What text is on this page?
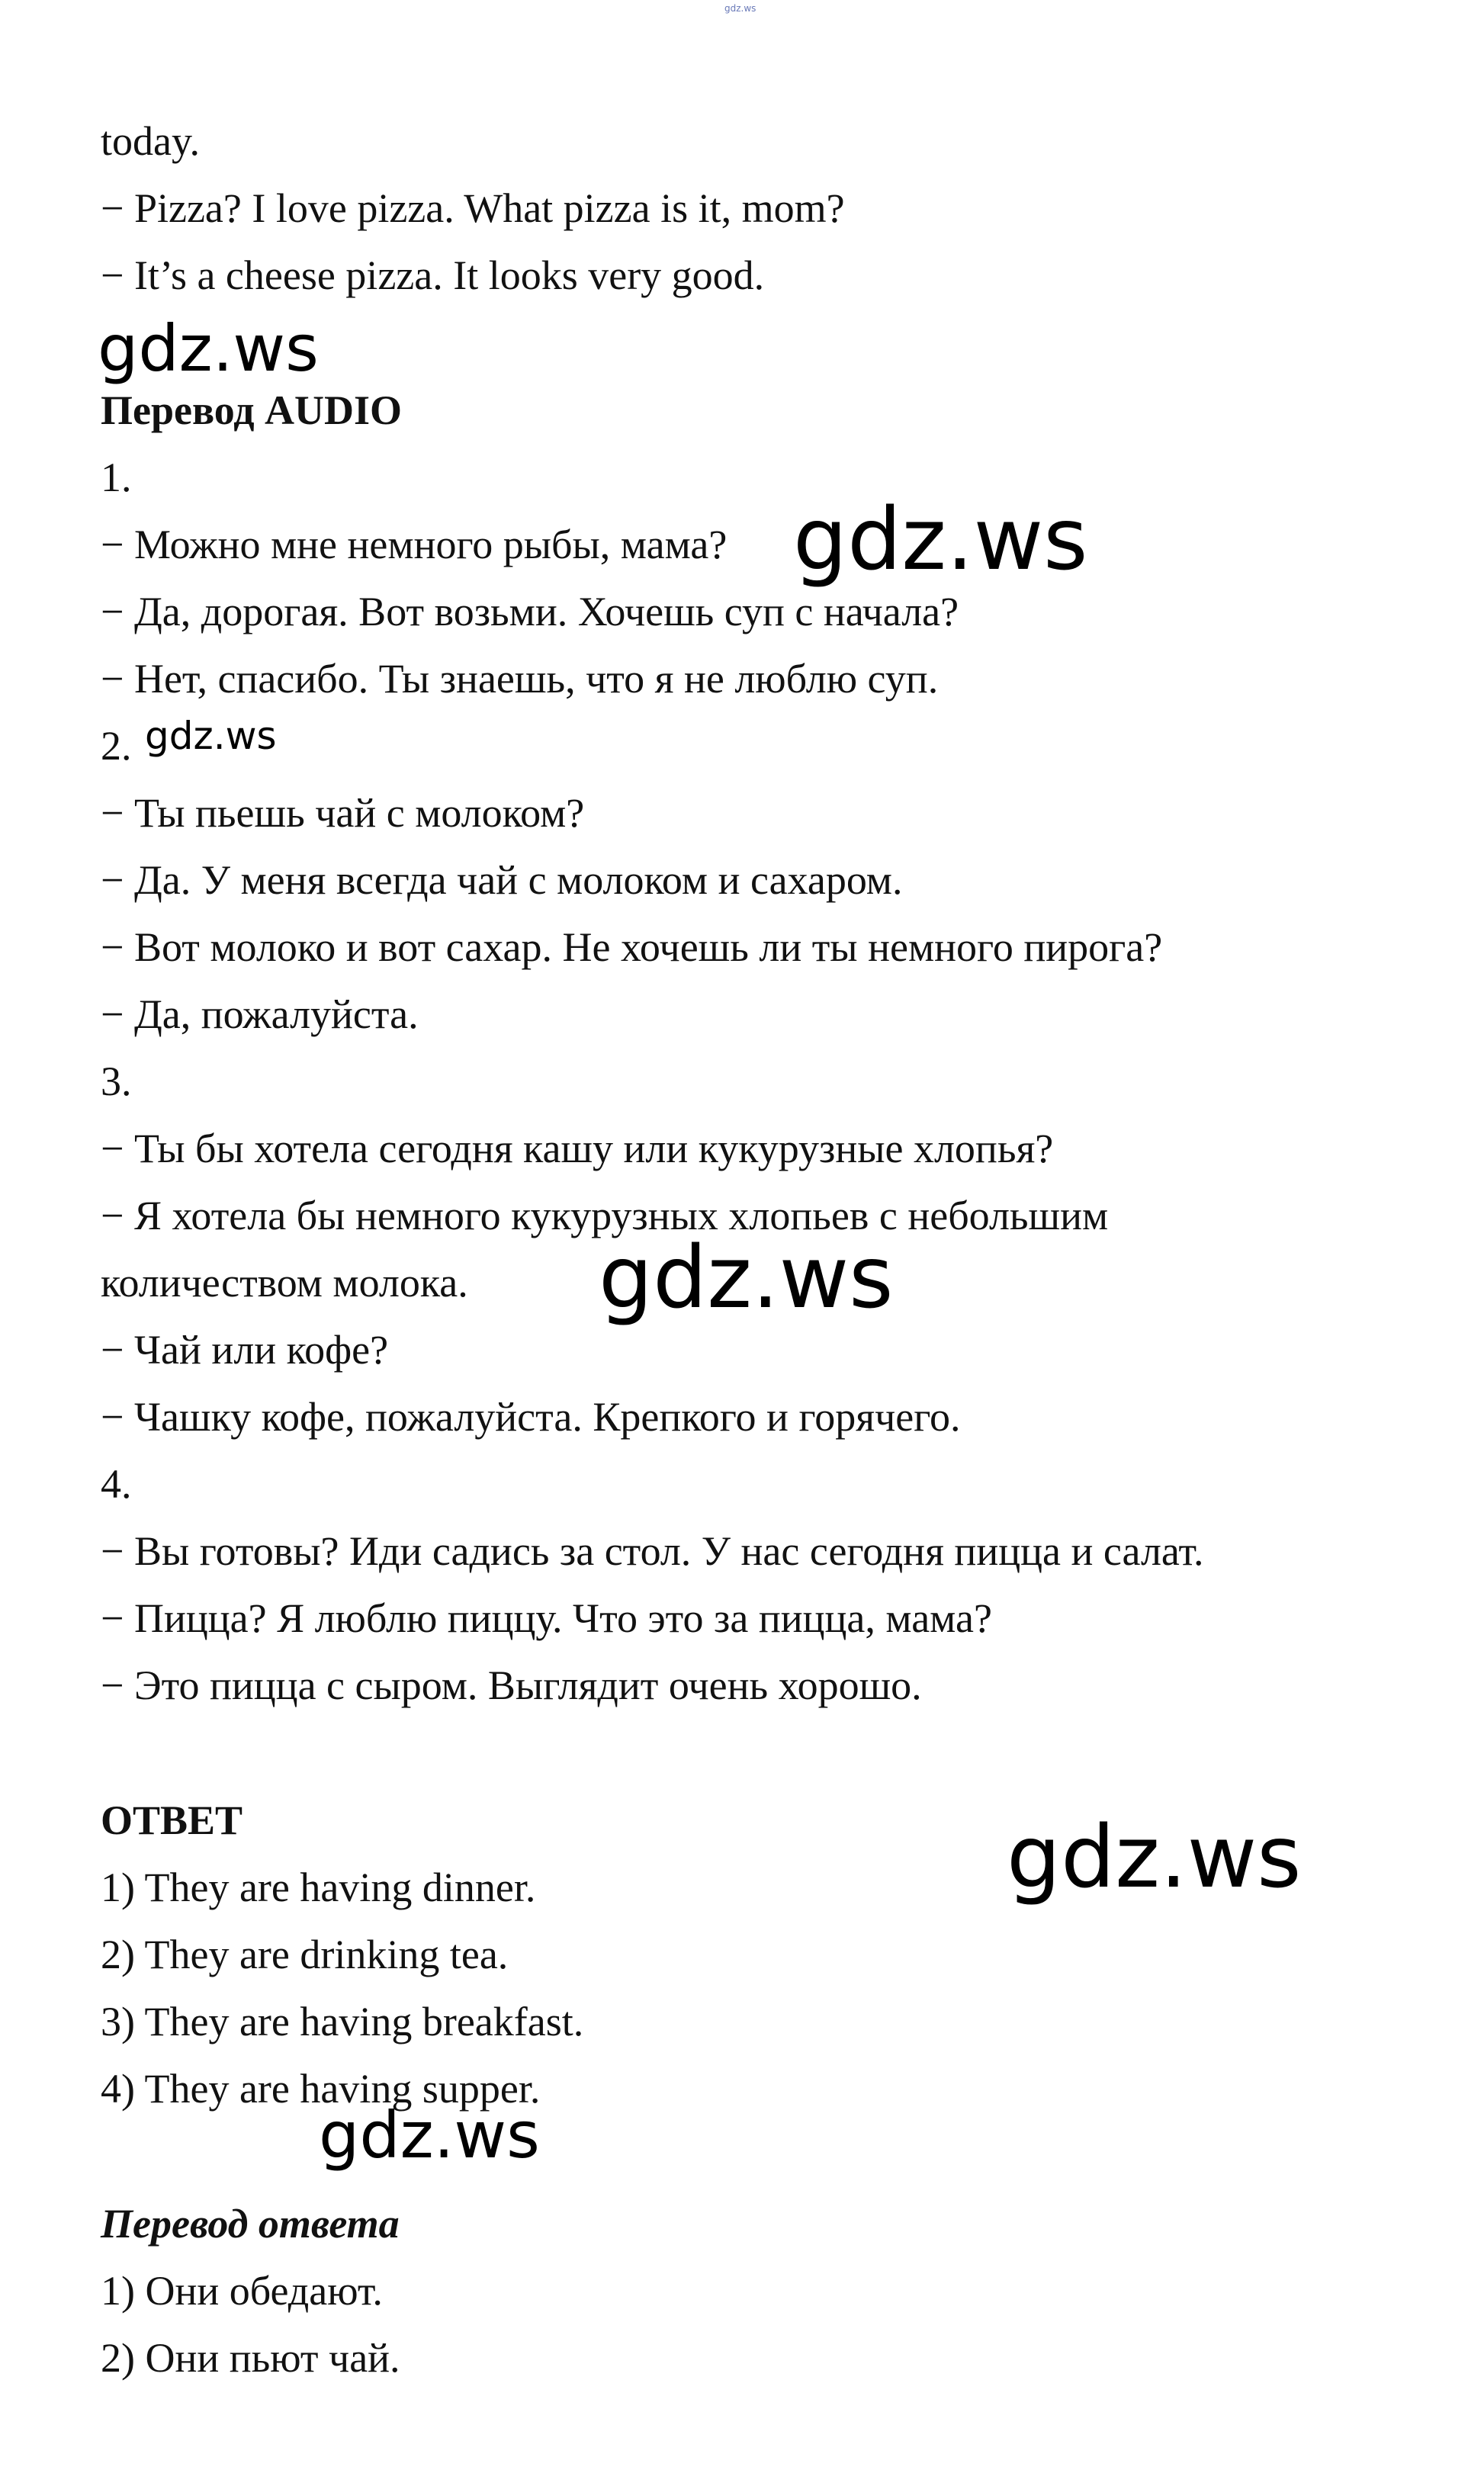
gdz.ws
today.
− Pizza? I love pizza. What pizza is it, mom?
− It’s a cheese pizza. It looks very good.
Перевод AUDIO
1.
− Можно мне немного рыбы, мама?
− Да, дорогая. Вот возьми. Хочешь суп с начала?
− Нет, спасибо. Ты знаешь, что я не люблю суп.
2.
− Ты пьешь чай с молоком?
− Да. У меня всегда чай с молоком и сахаром.
− Вот молоко и вот сахар. Не хочешь ли ты немного пирога?
− Да, пожалуйста.
3.
− Ты бы хотела сегодня кашу или кукурузные хлопья?
− Я хотела бы немного кукурузных хлопьев с небольшим
количеством молока.
− Чай или кофе?
− Чашку кофе, пожалуйста. Крепкого и горячего.
4.
− Вы готовы? Иди садись за стол. У нас сегодня пицца и салат.
− Пицца? Я люблю пиццу. Что это за пицца, мама?
− Это пицца с сыром. Выглядит очень хорошо.
ОТВЕТ
1) They are having dinner.
2) They are drinking tea.
3) They are having breakfast.
4) They are having supper.
Перевод ответа
1) Они обедают.
2) Они пьют чай.
gdz.ws
gdz.ws
gdz.ws
gdz.ws
gdz.ws
gdz.ws
